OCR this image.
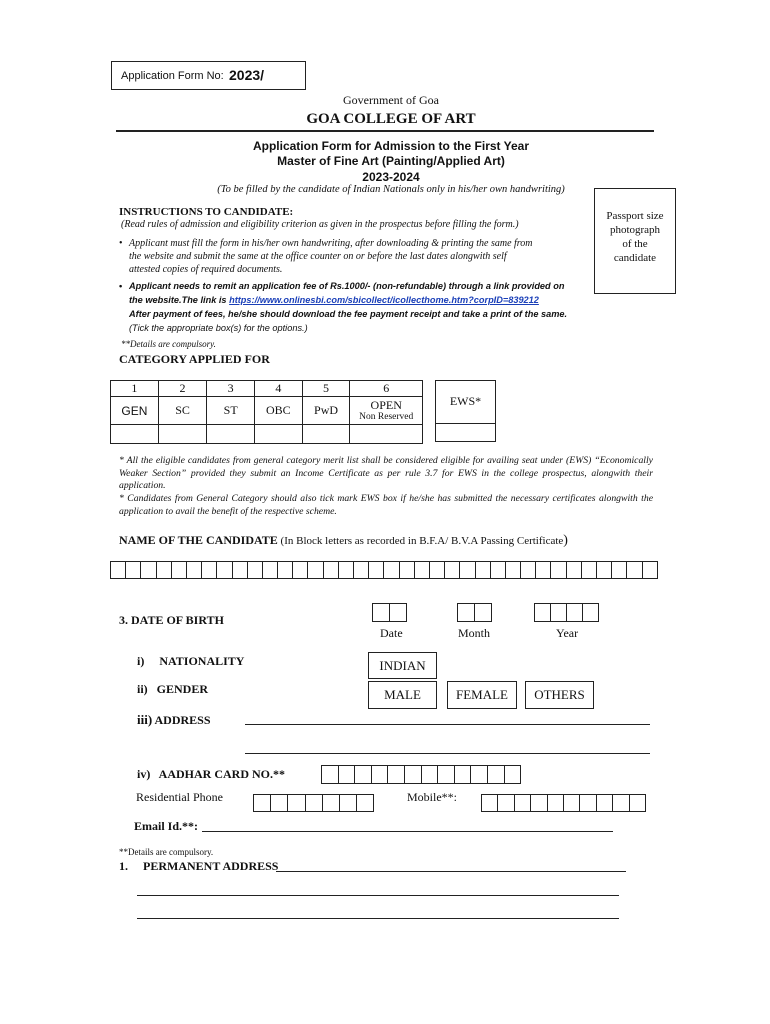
Application Form No: 2023/
Government of Goa
GOA COLLEGE OF ART
Application Form for Admission to the First Year
Master of Fine Art (Painting/Applied Art)
2023-2024
(To be filled by the candidate of Indian Nationals only in his/her own handwriting)
Passport size
photograph
of the
candidate
INSTRUCTIONS TO CANDIDATE:
(Read rules of admission and eligibility criterion as given in the prospectus before filling the form.)
• Applicant must fill the form in his/her own handwriting, after downloading & printing the same from
the website and submit the same at the office counter on or before the last dates alongwith self
attested copies of required documents.
• Applicant needs to remit an application fee of Rs.1000/- (non-refundable) through a link provided on
the website.The link is https://www.onlinesbi.com/sbicollect/icollecthome.htm?corpID=839212
After payment of fees, he/she should download the fee payment receipt and take a print of the same.
(Tick the appropriate box(s) for the options.)
**Details are compulsory.
CATEGORY APPLIED FOR
1	2	3	4	5	6
GEN	SC	ST	OBC	PwD	OPEN
Non Reserved

EWS*
* All the eligible candidates from general category merit list shall be considered eligible for availing seat under (EWS) “Economically Weaker Section” provided they submit an Income Certificate as per rule 3.7 for EWS in the college prospectus, alongwith their application.
* Candidates from General Category should also tick mark EWS box if he/she has submitted the necessary certificates alongwith the application to avail the benefit of the respective scheme.
NAME OF THE CANDIDATE (In Block letters as recorded in B.F.A/ B.V.A Passing Certificate)
3. DATE OF BIRTH
Date	Month	Year
i)     NATIONALITY	INDIAN
ii)   GENDER	MALE	FEMALE	OTHERS
iii) ADDRESS
iv)   AADHAR CARD NO.**
Residential Phone	Mobile**:
Email Id.**:
**Details are compulsory.
1.     PERMANENT ADDRESS
